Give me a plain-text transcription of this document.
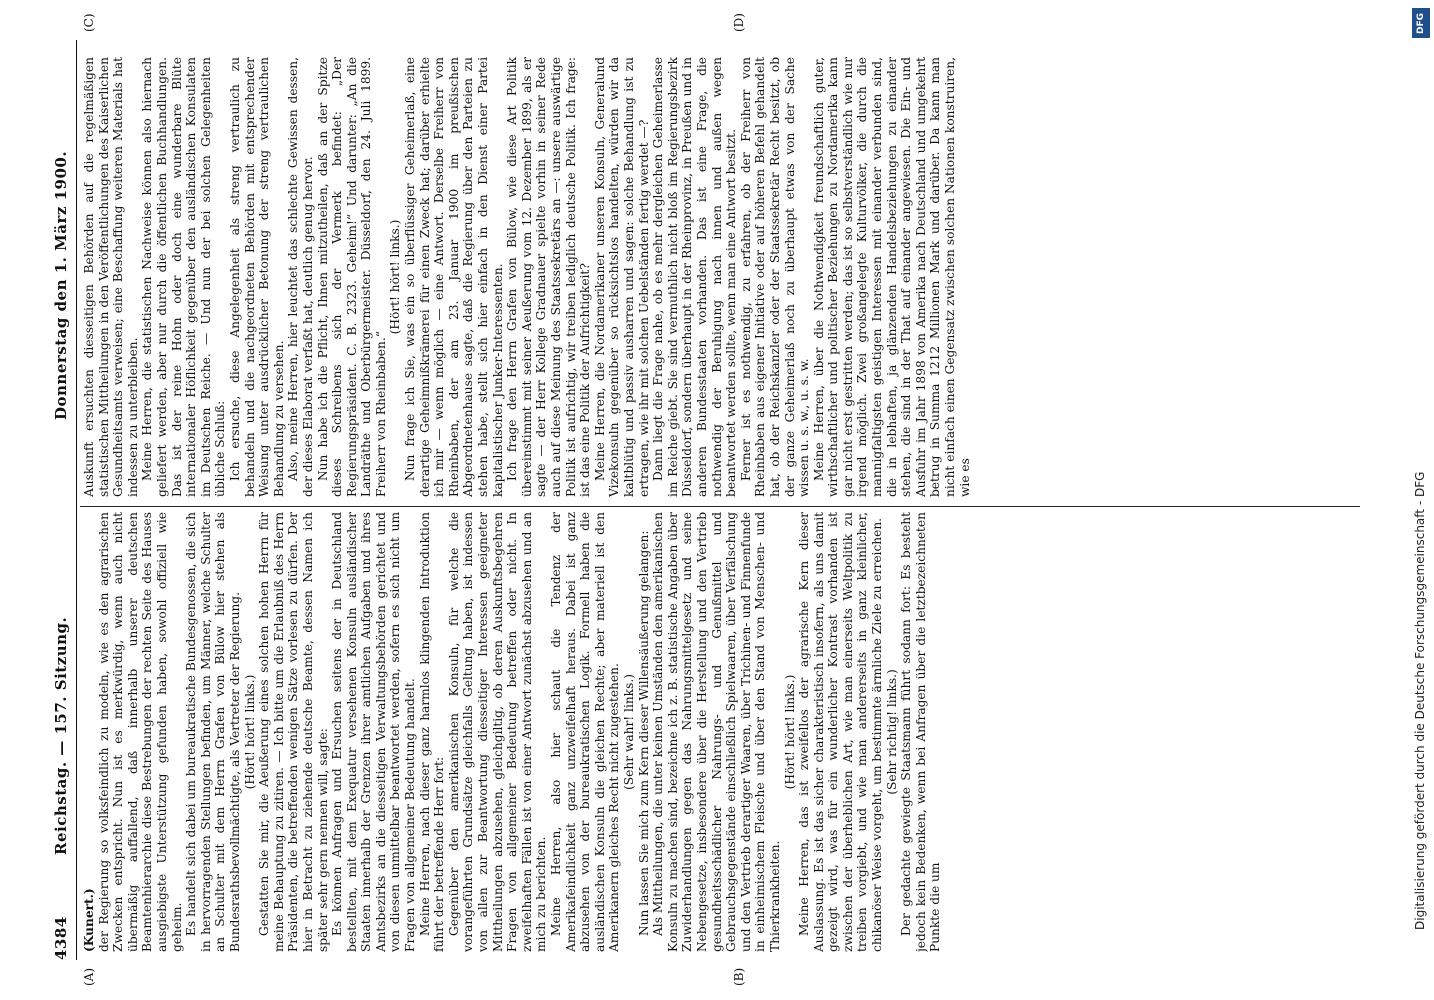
4384
Reichstag. — 157. Sitzung.
Donnerstag den 1. März 1900.
(A)	(B)
(C)	(D)

(Kunert.) der Regierung so volksfeindlich zu modeln, wie es den agrarischen Zwecken entspricht. Nun ist es merkwürdig, wenn auch nicht übermäßig auffallend, daß innerhalb unserer deutschen Beamtenhierarchie diese Bestrebungen der rechten Seite des Hauses ausgiebigste Unterstützung gefunden haben, sowohl offiziell wie geheim. Es handelt sich dabei um bureaukratische Bundesgenossen, die sich in hervorragenden Stellungen befinden, um Männer, welche Schulter an Schulter mit dem Herrn Grafen von Bülow hier stehen als Bundesrathsbevollmächtigte, als Vertreter der Regierung. (Hört! hört! links.) Gestatten Sie mir, die Aeußerung eines solchen hohen Herrn für meine Behauptung zu zitiren. — Ich bitte um die Erlaubniß des Herrn Präsidenten, die betreffenden wenigen Sätze vorlesen zu dürfen. Der hier in Betracht zu ziehende deutsche Beamte, dessen Namen ich später sehr gern nennen will, sagte: Es können Anfragen und Ersuchen seitens der in Deutschland bestellten, mit dem Exequatur versehenen Konsuln ausländischer Staaten innerhalb der Grenzen ihrer amtlichen Aufgaben und ihres Amtsbezirks an die diesseitigen Verwaltungsbehörden gerichtet und von diesen unmittelbar beantwortet werden, sofern es sich nicht um Fragen von allgemeiner Bedeutung handelt. Meine Herren, nach dieser ganz harmlos klingenden Introduktion führt der betreffende Herr fort: Gegenüber den amerikanischen Konsuln, für welche die vorangeführten Grundsätze gleichfalls Geltung haben, ist indessen von allen zur Beantwortung diesseitiger Interessen geeigneter Mittheilungen abzusehen, gleichgiltig, ob deren Auskunftsbegehren Fragen von allgemeiner Bedeutung betreffen oder nicht. In zweifelhaften Fällen ist von einer Antwort zunächst abzusehen und an mich zu berichten. Meine Herren, also hier schaut die Tendenz der Amerikafeindlichkeit ganz unzweifelhaft heraus. Dabei ist ganz abzusehen von der bureaukratischen Logik. Formell haben die ausländischen Konsuln die gleichen Rechte; aber materiell ist den Amerikanern gleiches Recht nicht zugestehen. (Sehr wahr! links.) Nun lassen Sie mich zum Kern dieser Willensäußerung gelangen: Als Mittheilungen, die unter keinen Umständen den amerikanischen Konsuln zu machen sind, bezeichne ich z. B. statistische Angaben über Zuwiderhandlungen gegen das Nahrungsmittelgesetz und seine Nebengesetze, insbesondere über die Herstellung und den Vertrieb gesundheitsschädlicher Nahrungs- und Genußmittel und Gebrauchsgegenstände einschließlich Spielwaaren, über Verfälschung und den Vertrieb derartiger Waaren, über Trichinen- und Finnenfunde in einheimischem Fleische und über den Stand von Menschen- und Thierkrankheiten.

(Hört! hört! links.) Meine Herren, das ist zweifellos der agrarische Kern dieser Auslassung. Es ist das sicher charakteristisch insofern, als uns damit gezeigt wird, was für ein wunderlicher Kontrast vorhanden ist zwischen der überheblichen Art, wie man einerseits Weltpolitik zu treiben vorgiebt, und wie man andererseits in ganz kleinlicher, chikanöser Weise vorgeht, um bestimmte ärmliche Ziele zu erreichen. (Sehr richtig! links.) Der gedachte gewiegte Staatsmann führt sodann fort: Es besteht jedoch kein Bedenken, wenn bei Anfragen über die letztbezeichneten Punkte die um

Auskunft ersuchten diesseitigen Behörden auf die regelmäßigen statistischen Mittheilungen in den Veröffentlichungen des Kaiserlichen Gesundheitsamts verweisen; eine Beschaffung weiteren Materials hat indessen zu unterbleiben. Meine Herren, die statistischen Nachweise können also hiernach geliefert werden, aber nur durch die öffentlichen Buchhandlungen. Das ist der reine Hohn oder doch eine wunderbare Blüte internationaler Höflichkeit gegenüber den ausländischen Konsulaten im Deutschen Reiche. — Und nun der bei solchen Gelegenheiten übliche Schluß: Ich ersuche, diese Angelegenheit als streng vertraulich zu behandeln und die nachgeordneten Behörden mit entsprechender Weisung unter ausdrücklicher Betonung der streng vertraulichen Behandlung zu versehen. Also, meine Herren, hier leuchtet das schlechte Gewissen dessen, der dieses Elaborat verfaßt hat, deutlich genug hervor. Nun habe ich die Pflicht, Ihnen mitzutheilen, daß an der Spitze dieses Schreibens sich der Vermerk befindet: „Der Regierungspräsident. C. B. 2323. Geheim!“ Und darunter: „An die Landräthe und Oberbürgermeister. Düsseldorf, den 24. Juli 1899. Freiherr von Rheinbaben.“

(Hört! hört! links.) Nun frage ich Sie, was ein so überflüssiger Geheimerlaß, eine derartige Geheimnißkrämerei für einen Zweck hat; darüber erhielte ich mir — wenn möglich — eine Antwort. Derselbe Freiherr von Rheinbaben, der am 23. Januar 1900 im preußischen Abgeordnetenhause sagte, daß die Regierung über den Parteien zu stehen habe, stellt sich hier einfach in den Dienst einer Partei kapitalistischer Junker-Interessenten. Ich frage den Herrn Grafen von Bülow, wie diese Art Politik übereinstimmt mit seiner Aeußerung vom 12. Dezember 1899, als er sagte — der Herr Kollege Gradnauer spielte vorhin in seiner Rede auch auf diese Meinung des Staatssekretärs an —: unsere auswärtige Politik ist aufrichtig, wir treiben lediglich deutsche Politik. Ich frage: ist das eine Politik der Aufrichtigkeit? Meine Herren, die Nordamerikaner unseren Konsuln, Generalund Vizekonsuln gegenüber so rücksichtslos handelten, würden wir da kaltblütig und passiv ausharren und sagen: solche Behandlung ist zu ertragen, wie ihr mit solchen Uebelständen fertig werdet —? Dann liegt die Frage nahe, ob es mehr dergleichen Geheimerlasse im Reiche giebt. Sie sind vermuthlich nicht bloß im Regierungsbezirk Düsseldorf, sondern überhaupt in der Rheinprovinz, in Preußen und in anderen Bundesstaaten vorhanden. Das ist eine Frage, die nothwendig der Beruhigung nach innen und außen wegen beantwortet werden sollte, wenn man eine Antwort besitzt. Ferner ist es nothwendig, zu erfahren, ob der Freiherr von Rheinbaben aus eigener Initiative oder auf höheren Befehl gehandelt hat, ob der Reichskanzler oder der Staatssekretär Recht besitzt, ob der ganze Geheimerlaß noch zu überhaupt etwas von der Sache wissen u. s. w., u. s. w. Meine Herren, über die Nothwendigkeit freundschaftlich guter, wirthschaftlicher und politischer Beziehungen zu Nordamerika kann gar nicht erst gestritten werden; das ist so selbstverständlich wie nur irgend möglich. Zwei großangelegte Kulturvölker, die durch die mannigfaltigsten geistigen Interessen mit einander verbunden sind, die in lebhaften, ja glänzenden Handelsbeziehungen zu einander stehen, die sind in der That auf einander angewiesen. Die Ein- und Ausfuhr im Jahr 1898 von Amerika nach Deutschland und umgekehrt betrug in Summa 1212 Millionen Mark und darüber. Da kann man nicht einfach einen Gegensatz zwischen solchen Nationen konstruiren, wie es	Digitalisierung gefördert durch die Deutsche Forschungsgemeinschaft - DFG
DFG
